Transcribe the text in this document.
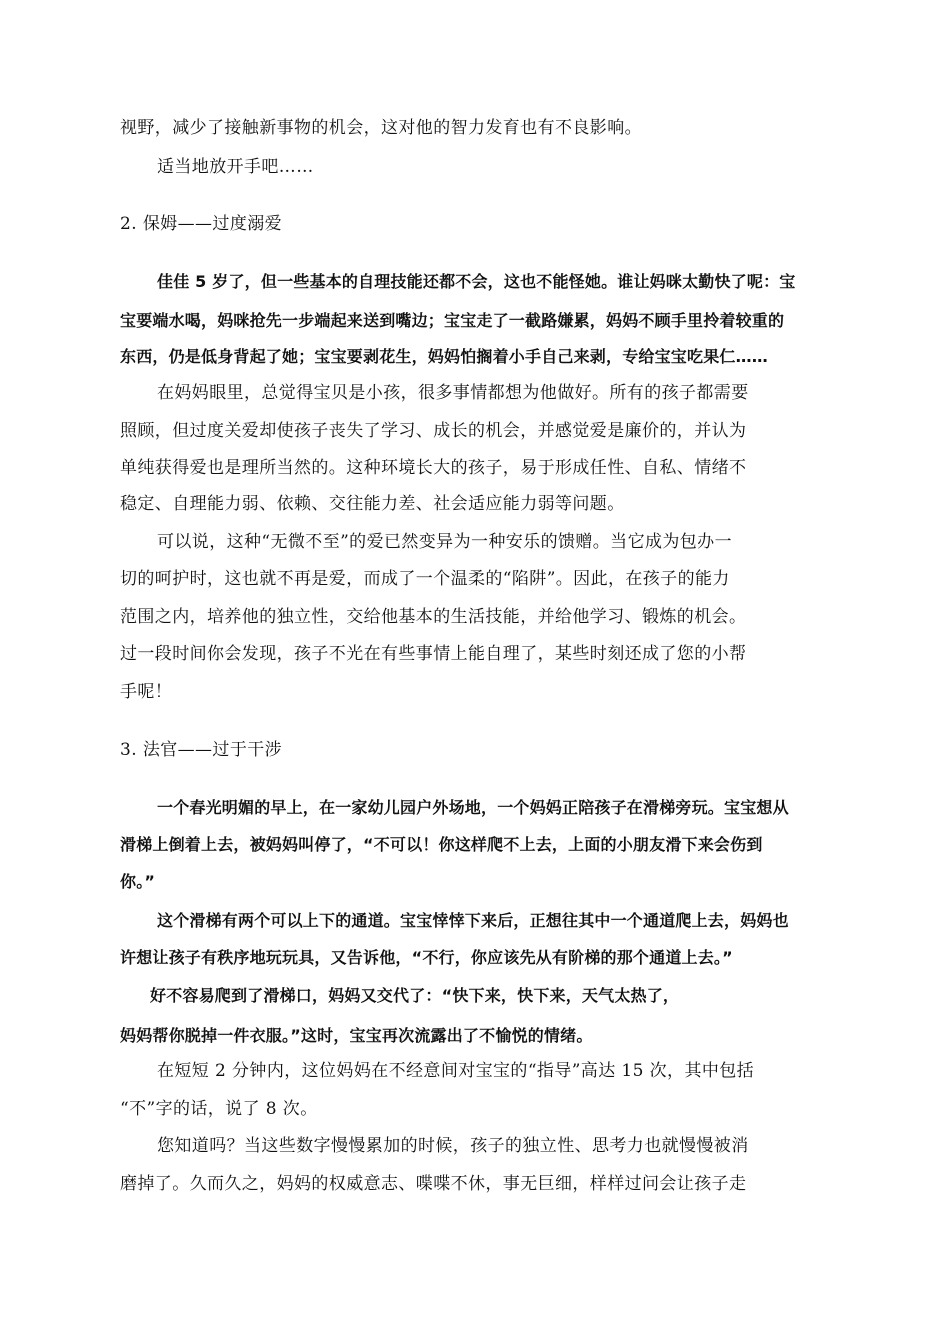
视野，减少了接触新事物的机会，这对他的智力发育也有不良影响。
适当地放开手吧……
2. 保姆——过度溺爱
佳佳 5 岁了，但一些基本的自理技能还都不会，这也不能怪她。谁让妈咪太勤快了呢：宝
宝要端水喝，妈咪抢先一步端起来送到嘴边；宝宝走了一截路嫌累，妈妈不顾手里拎着较重的
东西，仍是低身背起了她；宝宝要剥花生，妈妈怕搁着小手自己来剥，专给宝宝吃果仁……
在妈妈眼里，总觉得宝贝是小孩，很多事情都想为他做好。所有的孩子都需要
照顾，但过度关爱却使孩子丧失了学习、成长的机会，并感觉爱是廉价的，并认为
单纯获得爱也是理所当然的。这种环境长大的孩子，易于形成任性、自私、情绪不
稳定、自理能力弱、依赖、交往能力差、社会适应能力弱等问题。
可以说，这种“无微不至”的爱已然变异为一种安乐的馈赠。当它成为包办一
切的呵护时，这也就不再是爱，而成了一个温柔的“陷阱”。因此，在孩子的能力
范围之内，培养他的独立性，交给他基本的生活技能，并给他学习、锻炼的机会。
过一段时间你会发现，孩子不光在有些事情上能自理了，某些时刻还成了您的小帮
手呢！
3. 法官——过于干涉
一个春光明媚的早上，在一家幼儿园户外场地，一个妈妈正陪孩子在滑梯旁玩。宝宝想从
滑梯上倒着上去，被妈妈叫停了，“不可以！你这样爬不上去，上面的小朋友滑下来会伤到
你。”
这个滑梯有两个可以上下的通道。宝宝悻悻下来后，正想往其中一个通道爬上去，妈妈也
许想让孩子有秩序地玩玩具，又告诉他，“不行，你应该先从有阶梯的那个通道上去。”
好不容易爬到了滑梯口，妈妈又交代了：“快下来，快下来，天气太热了，
妈妈帮你脱掉一件衣服。”这时，宝宝再次流露出了不愉悦的情绪。
在短短 2 分钟内，这位妈妈在不经意间对宝宝的“指导”高达 15 次，其中包括
“不”字的话，说了 8 次。
您知道吗？当这些数字慢慢累加的时候，孩子的独立性、思考力也就慢慢被消
磨掉了。久而久之，妈妈的权威意志、喋喋不休，事无巨细，样样过问会让孩子走
